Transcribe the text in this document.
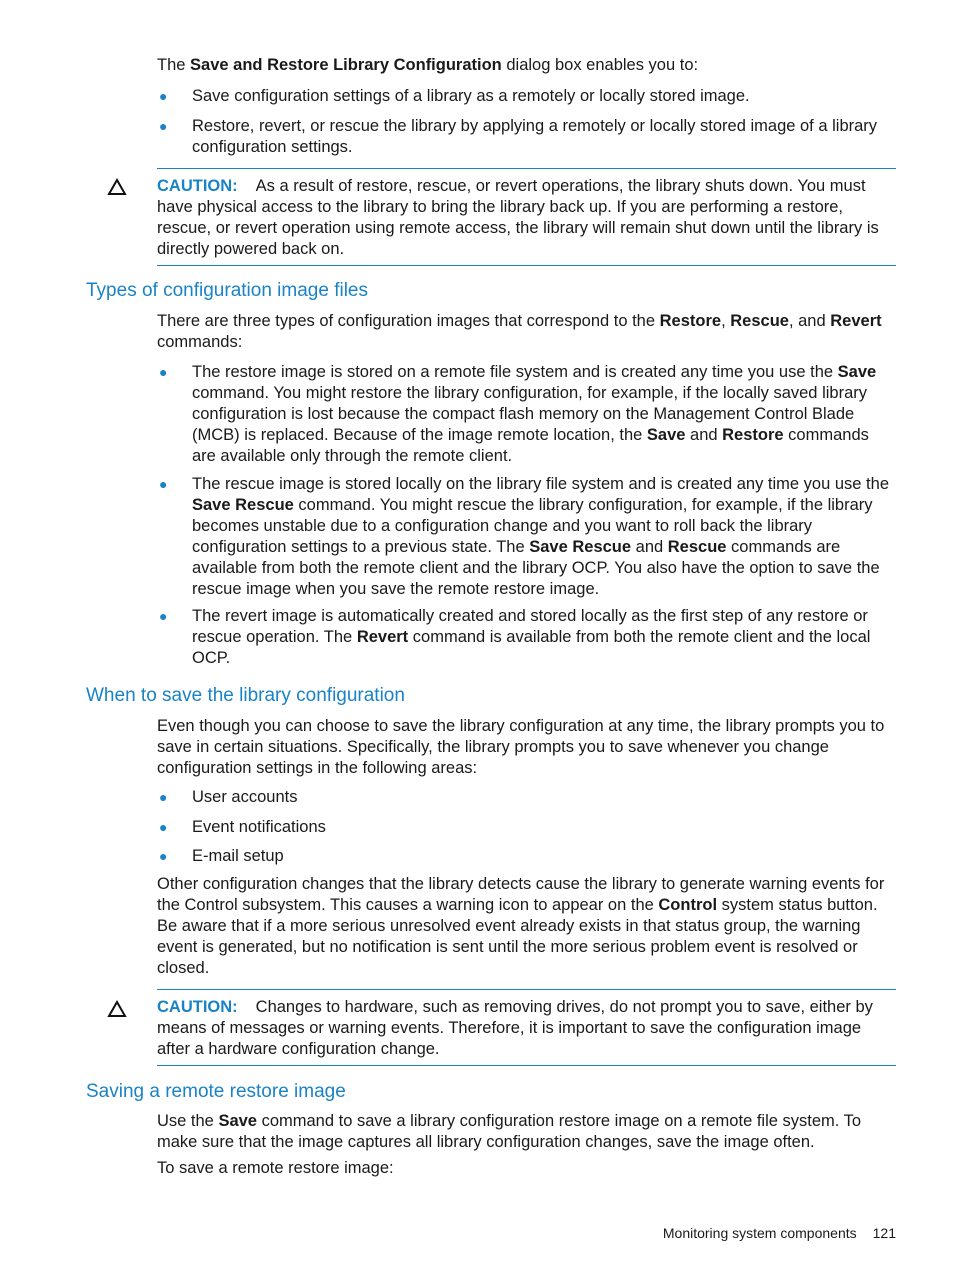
The Save and Restore Library Configuration dialog box enables you to:

● Save configuration settings of a library as a remotely or locally stored image.
● Restore, revert, or rescue the library by applying a remotely or locally stored image of a library configuration settings.
CAUTION: As a result of restore, rescue, or revert operations, the library shuts down. You must have physical access to the library to bring the library back up. If you are performing a restore, rescue, or revert operation using remote access, the library will remain shut down until the library is directly powered back on.
Types of configuration image files

There are three types of configuration images that correspond to the Restore, Rescue, and Revert commands:

● The restore image is stored on a remote file system and is created any time you use the Save command. You might restore the library configuration, for example, if the locally saved library configuration is lost because the compact flash memory on the Management Control Blade (MCB) is replaced. Because of the image remote location, the Save and Restore commands are available only through the remote client.
● The rescue image is stored locally on the library file system and is created any time you use the Save Rescue command. You might rescue the library configuration, for example, if the library becomes unstable due to a configuration change and you want to roll back the library configuration settings to a previous state. The Save Rescue and Rescue commands are available from both the remote client and the library OCP. You also have the option to save the rescue image when you save the remote restore image.
● The revert image is automatically created and stored locally as the first step of any restore or rescue operation. The Revert command is available from both the remote client and the local OCP.
When to save the library configuration

Even though you can choose to save the library configuration at any time, the library prompts you to save in certain situations. Specifically, the library prompts you to save whenever you change configuration settings in the following areas:

● User accounts
● Event notifications
● E-mail setup

Other configuration changes that the library detects cause the library to generate warning events for the Control subsystem. This causes a warning icon to appear on the Control system status button. Be aware that if a more serious unresolved event already exists in that status group, the warning event is generated, but no notification is sent until the more serious problem event is resolved or closed.

CAUTION: Changes to hardware, such as removing drives, do not prompt you to save, either by means of messages or warning events. Therefore, it is important to save the configuration image after a hardware configuration change.
Saving a remote restore image

Use the Save command to save a library configuration restore image on a remote file system. To make sure that the image captures all library configuration changes, save the image often.

To save a remote restore image:

Monitoring system components 121
